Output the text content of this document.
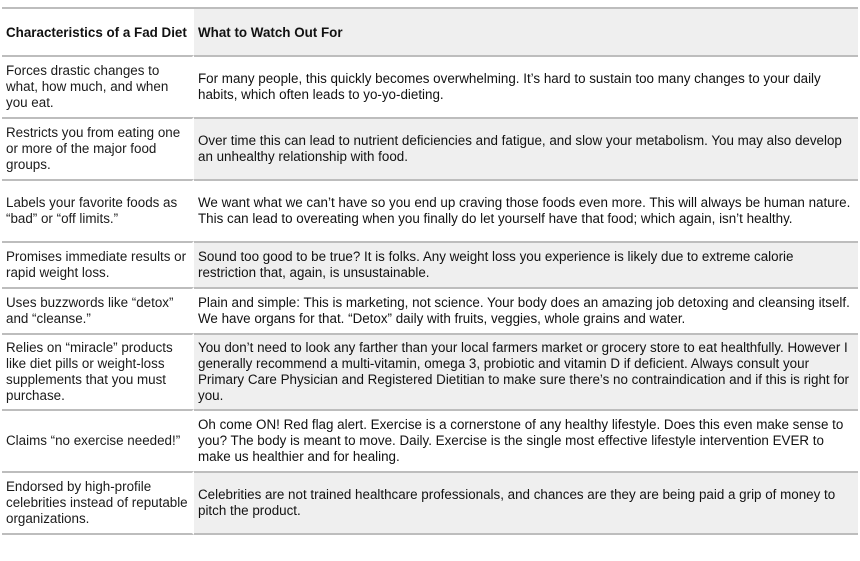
Characteristics of a Fad Diet	What to Watch Out For
Forces drastic changes to what, how much, and when you eat.	For many people, this quickly becomes overwhelming. It’s hard to sustain too many changes to your daily habits, which often leads to yo-yo-dieting.
Restricts you from eating one or more of the major food groups.	Over time this can lead to nutrient deficiencies and fatigue, and slow your metabolism. You may also develop an unhealthy relationship with food.
Labels your favorite foods as “bad” or “off limits.”	We want what we can’t have so you end up craving those foods even more. This will always be human nature. This can lead to overeating when you finally do let yourself have that food; which again, isn’t healthy.
Promises immediate results or rapid weight loss.	Sound too good to be true? It is folks. Any weight loss you experience is likely due to extreme calorie restriction that, again, is unsustainable.
Uses buzzwords like “detox” and “cleanse.”	Plain and simple: This is marketing, not science. Your body does an amazing job detoxing and cleansing itself. We have organs for that. “Detox” daily with fruits, veggies, whole grains and water.
Relies on “miracle” products like diet pills or weight-loss supplements that you must purchase.	You don’t need to look any farther than your local farmers market or grocery store to eat healthfully. However I generally recommend a multi-vitamin, omega 3, probiotic and vitamin D if deficient. Always consult your Primary Care Physician and Registered Dietitian to make sure there’s no contraindication and if this is right for you.
Claims “no exercise needed!”	Oh come ON! Red flag alert. Exercise is a cornerstone of any healthy lifestyle. Does this even make sense to you? The body is meant to move. Daily. Exercise is the single most effective lifestyle intervention EVER to make us healthier and for healing.
Endorsed by high-profile celebrities instead of reputable organizations.	Celebrities are not trained healthcare professionals, and chances are they are being paid a grip of money to pitch the product.
